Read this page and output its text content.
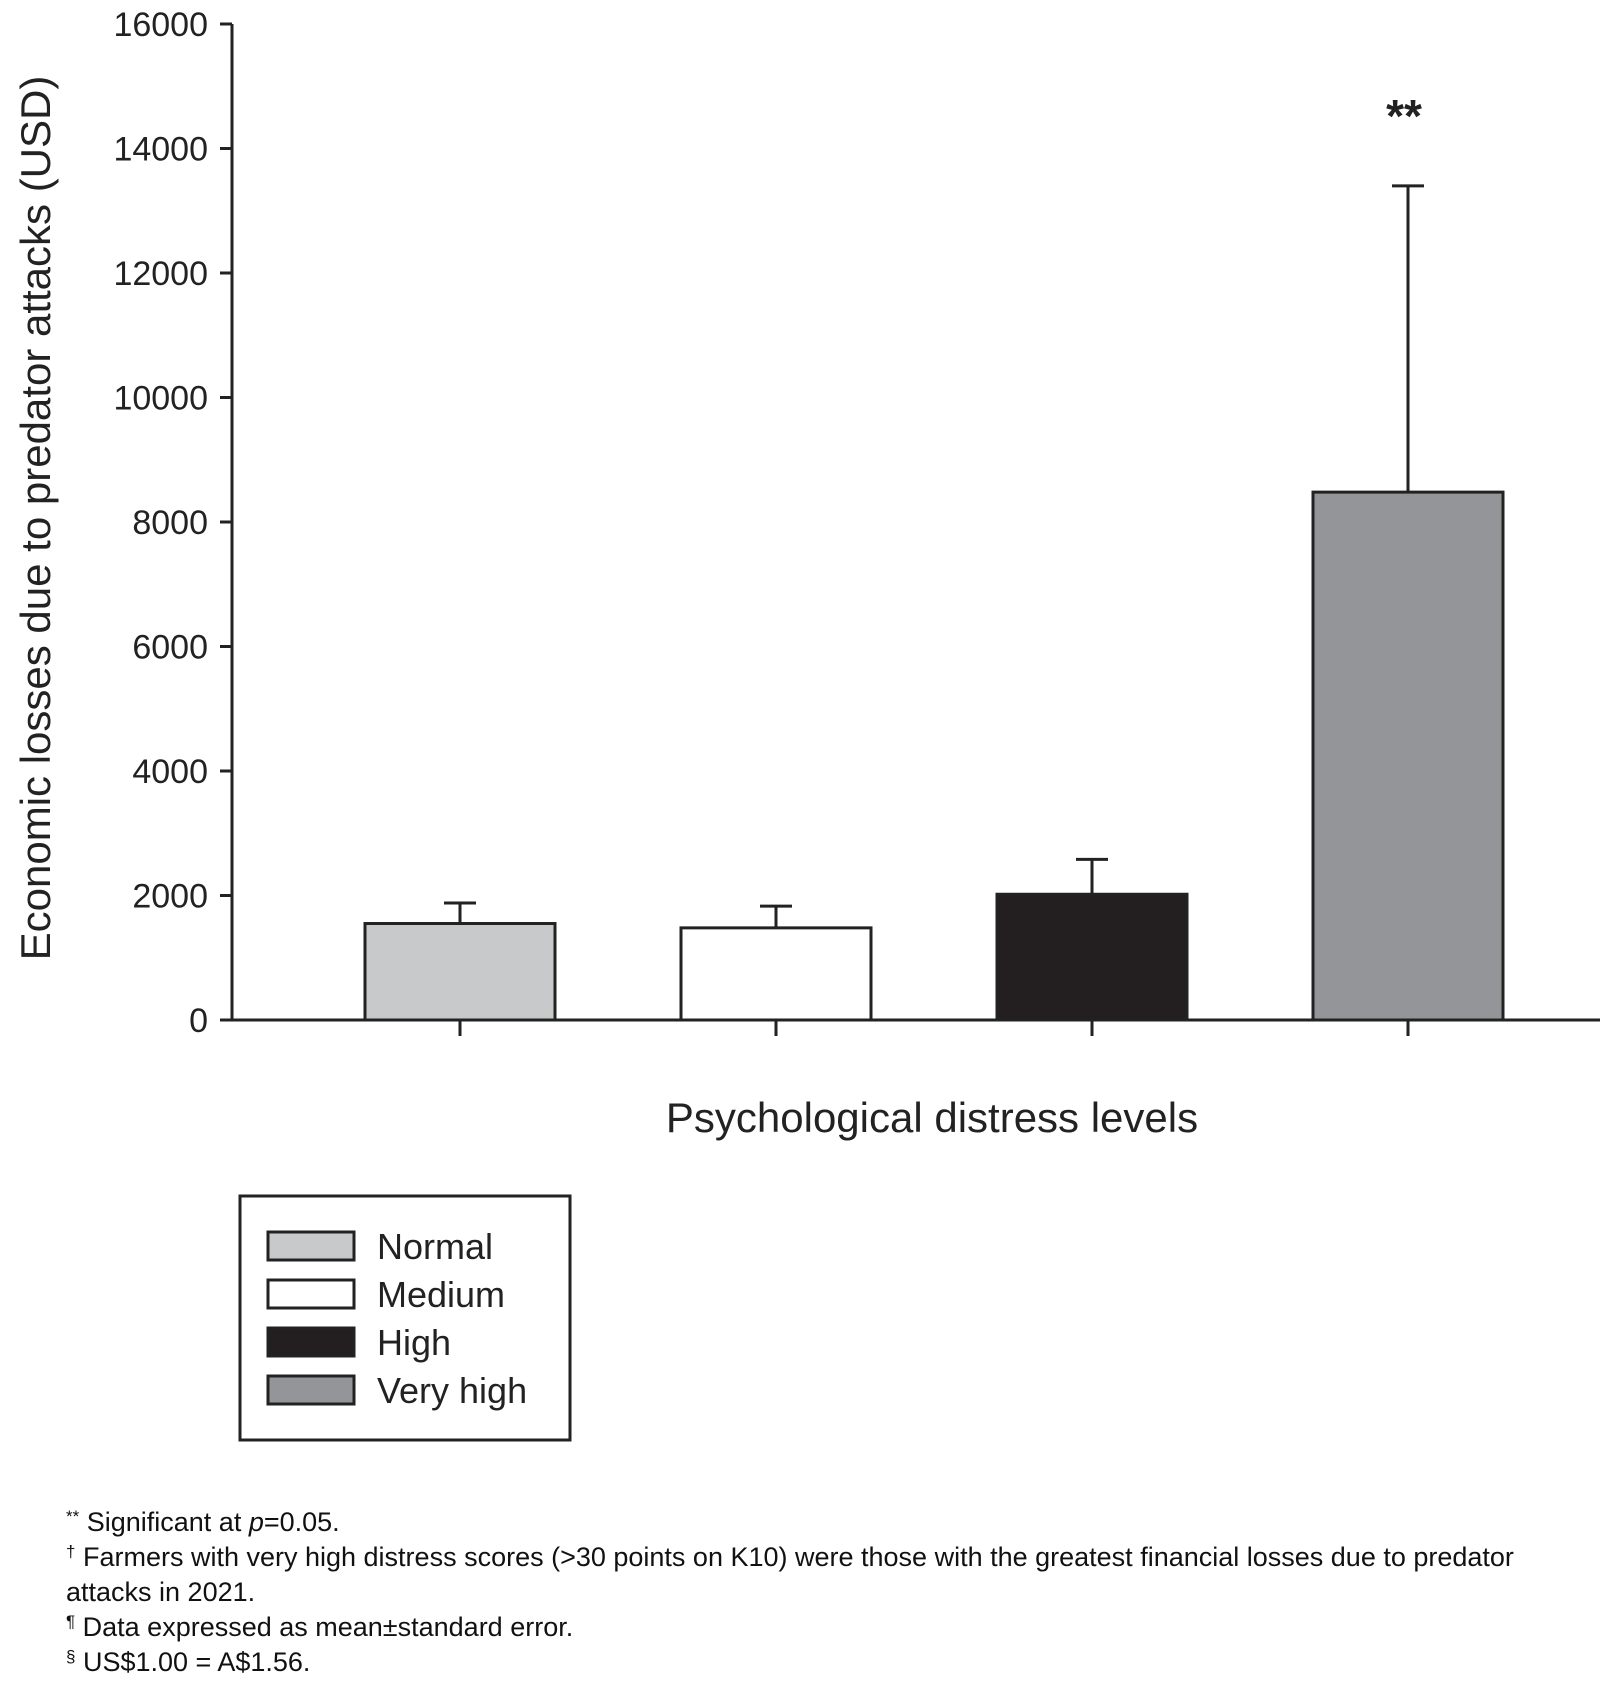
0
2000
4000
6000
8000
10000
12000
14000
16000
**
Economic losses due to predator attacks (USD)
Psychological distress levels
Normal
Medium
High
Very high
** Significant at p=0.05.
† Farmers with very high distress scores (>30 points on K10) were those with the greatest financial losses due to predator attacks in 2021.
¶ Data expressed as mean±standard error.
§ US$1.00 = A$1.56.
